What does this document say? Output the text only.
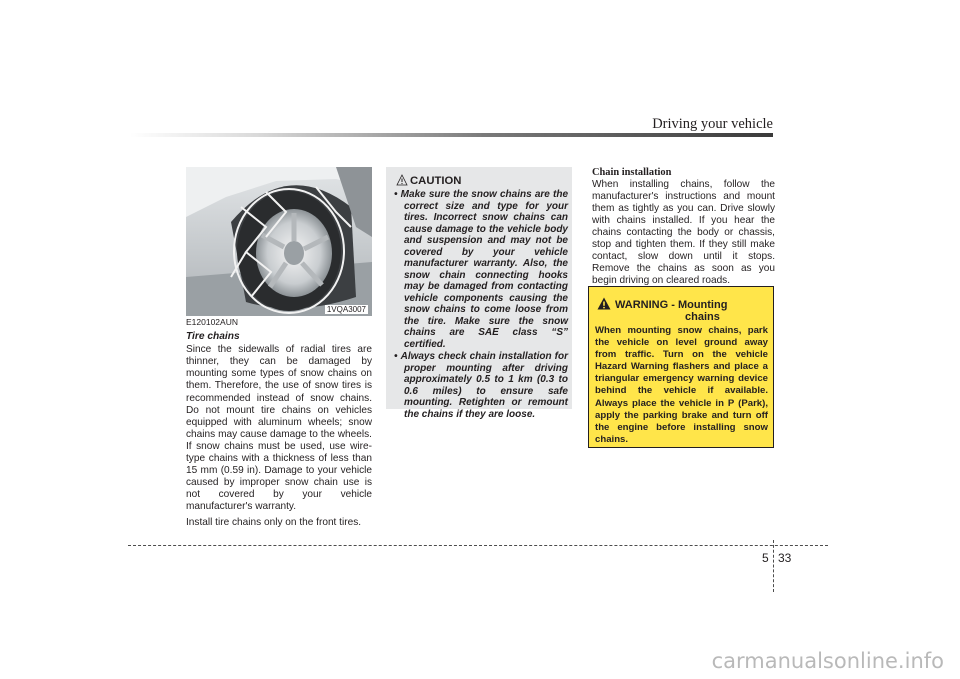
Driving your vehicle
1VQA3007
E120102AUN
Tire chains

Since the sidewalls of radial tires are thinner, they can be damaged by mounting some types of snow chains on them. Therefore, the use of snow tires is recommended instead of snow chains. Do not mount tire chains on vehicles equipped with aluminum wheels; snow chains may cause damage to the wheels. If snow chains must be used, use wire-type chains with a thickness of less than 15 mm (0.59 in). Damage to your vehicle caused by improper snow chain use is not covered by your vehicle manufacturer's warranty.

Install tire chains only on the front tires.

CAUTION
• Make sure the snow chains are the correct size and type for your tires. Incorrect snow chains can cause damage to the vehicle body and suspension and may not be covered by your vehicle manufacturer warranty. Also, the snow chain connecting hooks may be damaged from contacting vehicle components causing the snow chains to come loose from the tire. Make sure the snow chains are SAE class “S” certified.
• Always check chain installation for proper mounting after driving approximately 0.5 to 1 km (0.3 to 0.6 miles) to ensure safe mounting. Retighten or remount the chains if they are loose.
Chain installation

When installing chains, follow the manufacturer's instructions and mount them as tightly as you can. Drive slowly with chains installed. If you hear the chains contacting the body or chassis, stop and tighten them. If they still make contact, slow down until it stops. Remove the chains as soon as you begin driving on cleared roads.

WARNING - Mounting
chains
When mounting snow chains, park the vehicle on level ground away from traffic. Turn on the vehicle Hazard Warning flashers and place a triangular emergency warning device behind the vehicle if available. Always place the vehicle in P (Park), apply the parking brake and turn off the engine before installing snow chains.
5 33
carmanualsonline.info
